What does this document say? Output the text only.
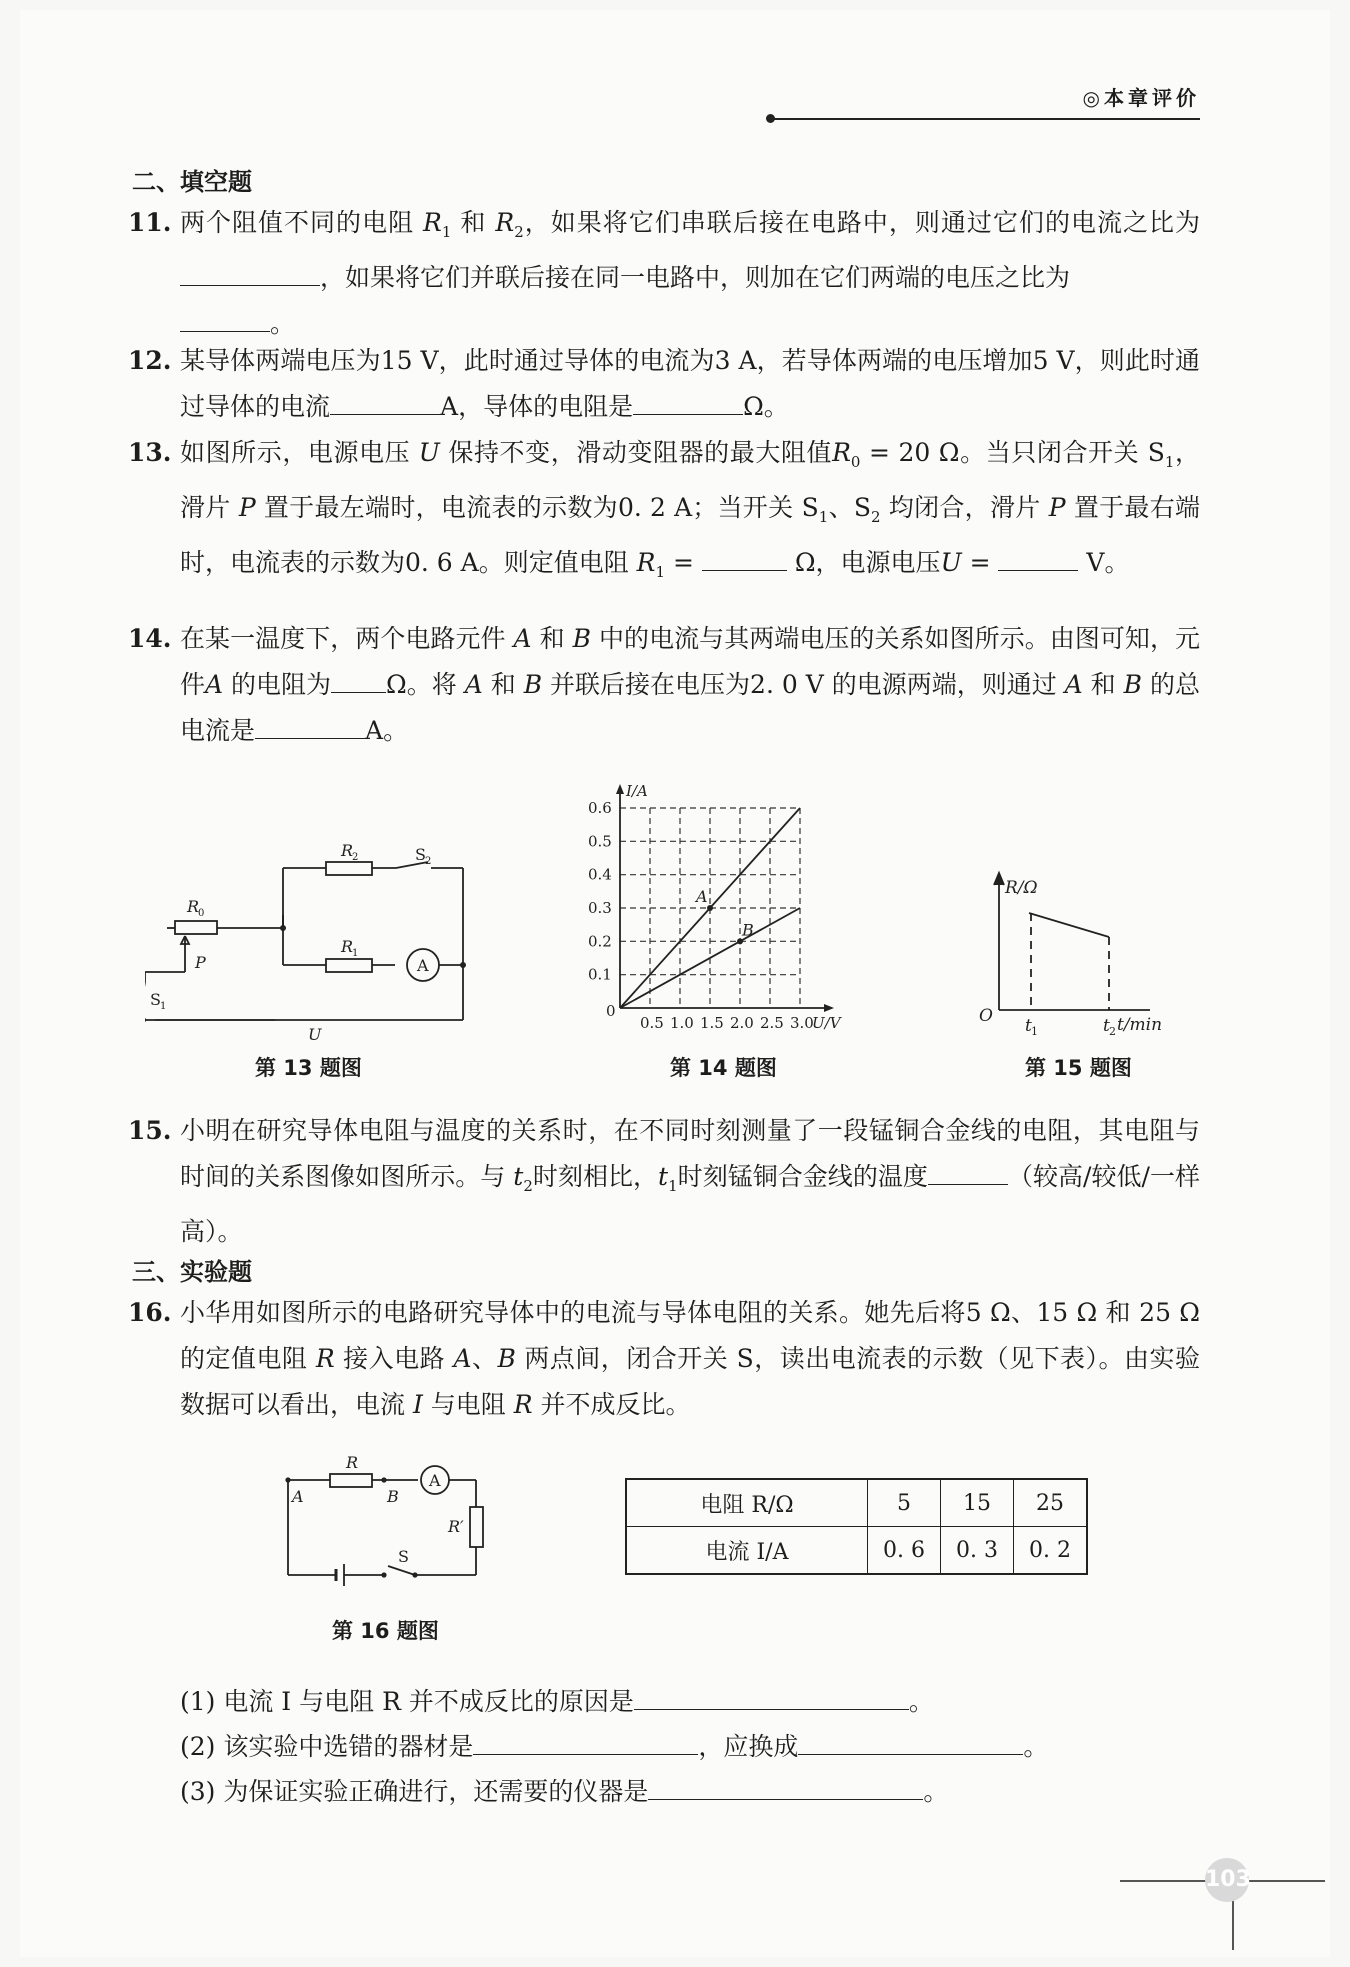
◎本章评价
二、填空题
11. 两个阻值不同的电阻 $R_1$ 和 $R_2$，如果将它们串联后接在电路中，则通过它们的电流之比为，如果将它们并联后接在同一电路中，则加在它们两端的电压之比为
。
12. 某导体两端电压为15 V，此时通过导体的电流为3 A，若导体两端的电压增加5 V，则此时通过导体的电流	A，导体的电阻是	Ω。
13. 如图所示，电源电压 U 保持不变，滑动变阻器的最大阻值$R_0 = 20$ Ω。当只闭合开关 $S_1$，滑片 P 置于最左端时，电流表的示数为0. 2 A；当开关 $S_1$、$S_2$ 均闭合，滑片 P 置于最右端时，电流表的示数为0. 6 A。则定值电阻 $R_1$ =	Ω，电源电压U =	V。
14. 在某一温度下，两个电路元件 A 和 B 中的电流与其两端电压的关系如图所示。由图可知，元件A 的电阻为 Ω。将 A 和 B 并联后接在电压为2. 0 V 的电源两端，则通过 A 和 B 的总电流是	A。
R
2
R
1
R
0
S 2
P
S 1
U
A
第 13 题图
A
B
0.5 1.0 1.5 2.0 2.5 3.0
0.1
0.2
0.3
0.4
0.5
0.6
0
U/V
I/A
第 14 题图
R/Ω
O t 1	t 2 t/min
第 15 题图
15. 小明在研究导体电阻与温度的关系时，在不同时刻测量了一段锰铜合金线的电阻，其电阻与时间的关系图像如图所示。与 $t_2$时刻相比，$t_1$时刻锰铜合金线的温度	（较高/较低/一样高）。
三、实验题
16. 小华用如图所示的电路研究导体中的电流与导体电阻的关系。她先后将5 Ω、15 Ω 和 25 Ω 的定值电阻 R 接入电路 A、B 两点间，闭合开关 S，读出电流表的示数（见下表）。由实验数据可以看出，电流 I 与电阻 R 并不成反比。
R
A	B
R′
S
A
第 16 题图
电阻 R/Ω	5	15	25
电流 I/A	0. 6	0. 3	0. 2
(1) 电流 I 与电阻 R 并不成反比的原因是	。
(2) 该实验中选错的器材是	，应换成	。
(3) 为保证实验正确进行，还需要的仪器是	。
103
